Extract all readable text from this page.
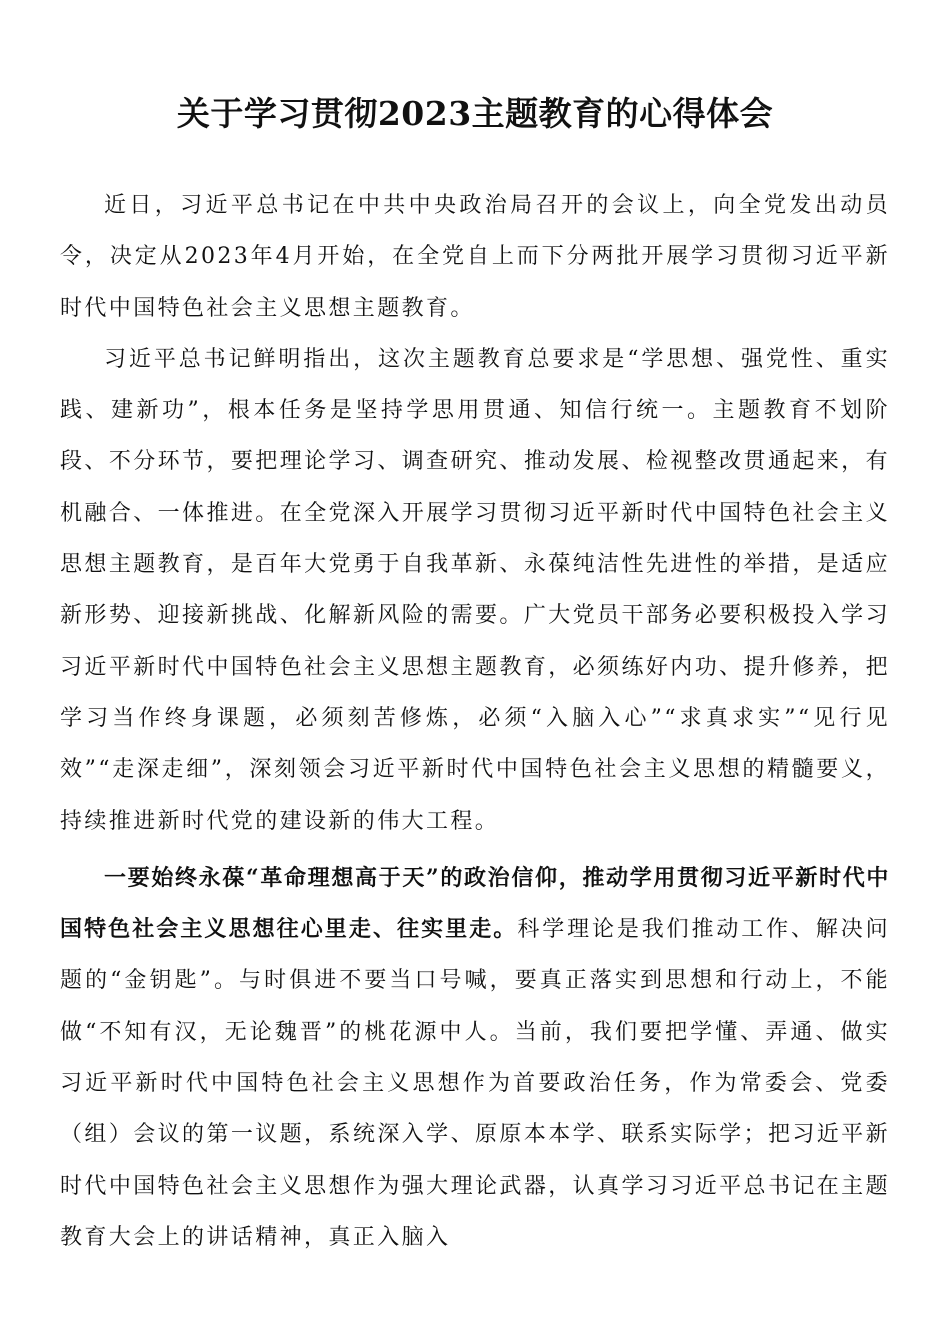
关于学习贯彻2023主题教育的心得体会

近日，习近平总书记在中共中央政治局召开的会议上，向全党发出动员令，决定从2023年4月开始，在全党自上而下分两批开展学习贯彻习近平新时代中国特色社会主义思想主题教育。

习近平总书记鲜明指出，这次主题教育总要求是“学思想、强党性、重实践、建新功”，根本任务是坚持学思用贯通、知信行统一。主题教育不划阶段、不分环节，要把理论学习、调查研究、推动发展、检视整改贯通起来，有机融合、一体推进。在全党深入开展学习贯彻习近平新时代中国特色社会主义思想主题教育，是百年大党勇于自我革新、永葆纯洁性先进性的举措，是适应新形势、迎接新挑战、化解新风险的需要。广大党员干部务必要积极投入学习习近平新时代中国特色社会主义思想主题教育，必须练好内功、提升修养，把学习当作终身课题，必须刻苦修炼，必须“入脑入心”“求真求实”“见行见效”“走深走细”，深刻领会习近平新时代中国特色社会主义思想的精髓要义，持续推进新时代党的建设新的伟大工程。

一要始终永葆“革命理想高于天”的政治信仰，推动学用贯彻习近平新时代中国特色社会主义思想往心里走、往实里走。科学理论是我们推动工作、解决问题的“金钥匙”。与时俱进不要当口号喊，要真正落实到思想和行动上，不能做“不知有汉，无论魏晋”的桃花源中人。当前，我们要把学懂、弄通、做实习近平新时代中国特色社会主义思想作为首要政治任务，作为常委会、党委（组）会议的第一议题，系统深入学、原原本本学、联系实际学；把习近平新时代中国特色社会主义思想作为强大理论武器，认真学习习近平总书记在主题教育大会上的讲话精神，真正入脑入
